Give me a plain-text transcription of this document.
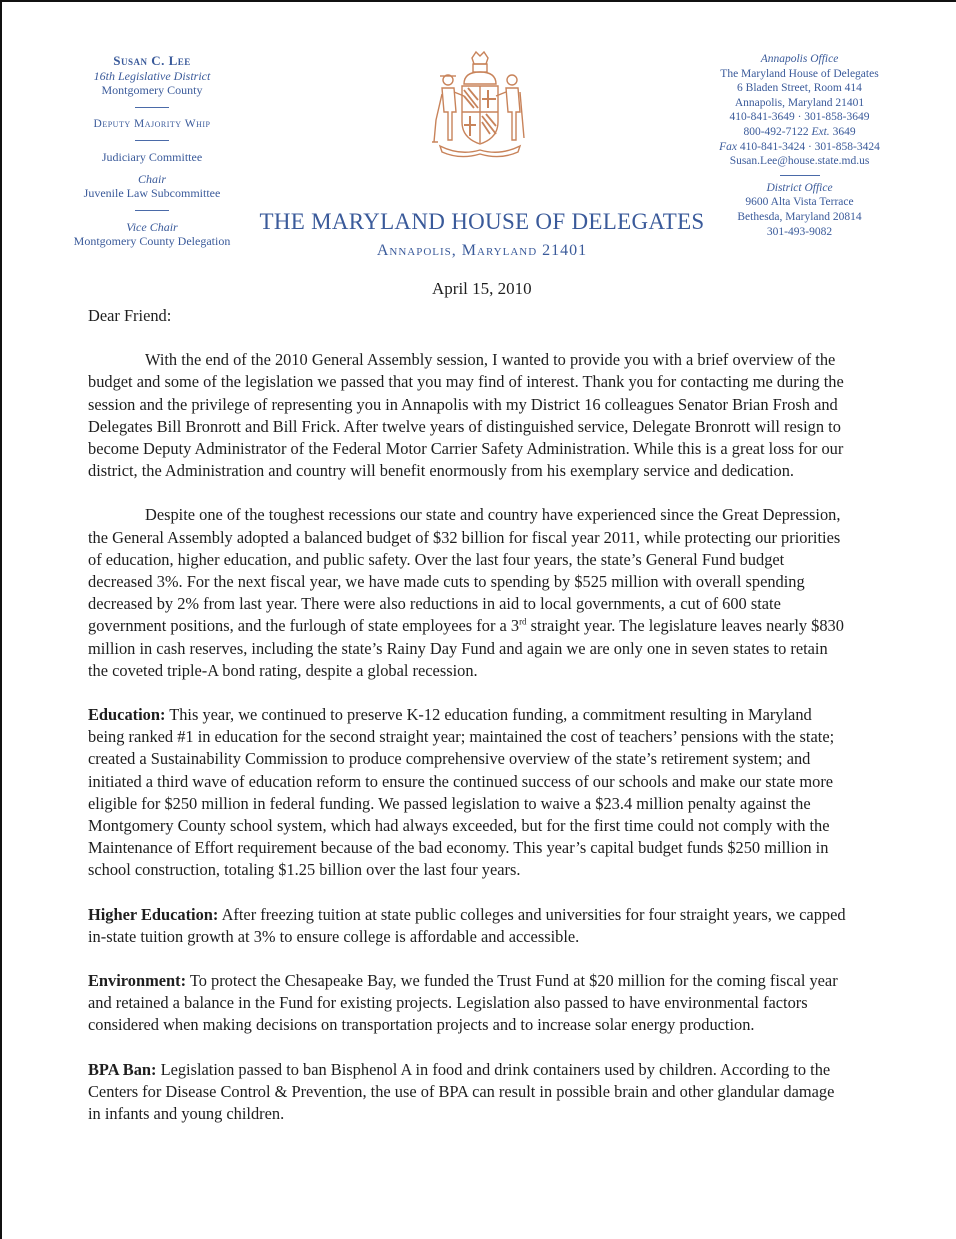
Susan C. Lee
16th Legislative District
Montgomery County
Deputy Majority Whip
Judiciary Committee
Chair
Juvenile Law Subcommittee
Vice Chair
Montgomery County Delegation
Annapolis Office
The Maryland House of Delegates
6 Bladen Street, Room 414
Annapolis, Maryland 21401
410-841-3649 · 301-858-3649
800-492-7122 Ext. 3649
Fax 410-841-3424 · 301-858-3424
Susan.Lee@house.state.md.us
District Office
9600 Alta Vista Terrace
Bethesda, Maryland 20814
301-493-9082
THE MARYLAND HOUSE OF DELEGATES
Annapolis, Maryland 21401
April 15, 2010

Dear Friend:

With the end of the 2010 General Assembly session, I wanted to provide you with a brief overview of the budget and some of the legislation we passed that you may find of interest. Thank you for contacting me during the session and the privilege of representing you in Annapolis with my District 16 colleagues Senator Brian Frosh and Delegates Bill Bronrott and Bill Frick. After twelve years of distinguished service, Delegate Bronrott will resign to become Deputy Administrator of the Federal Motor Carrier Safety Administration. While this is a great loss for our district, the Administration and country will benefit enormously from his exemplary service and dedication.

Despite one of the toughest recessions our state and country have experienced since the Great Depression, the General Assembly adopted a balanced budget of $32 billion for fiscal year 2011, while protecting our priorities of education, higher education, and public safety. Over the last four years, the state’s General Fund budget decreased 3%. For the next fiscal year, we have made cuts to spending by $525 million with overall spending decreased by 2% from last year. There were also reductions in aid to local governments, a cut of 600 state government positions, and the furlough of state employees for a 3rd straight year. The legislature leaves nearly $830 million in cash reserves, including the state’s Rainy Day Fund and again we are only one in seven states to retain the coveted triple-A bond rating, despite a global recession.

Education: This year, we continued to preserve K-12 education funding, a commitment resulting in Maryland being ranked #1 in education for the second straight year; maintained the cost of teachers’ pensions with the state; created a Sustainability Commission to produce comprehensive overview of the state’s retirement system; and initiated a third wave of education reform to ensure the continued success of our schools and make our state more eligible for $250 million in federal funding. We passed legislation to waive a $23.4 million penalty against the Montgomery County school system, which had always exceeded, but for the first time could not comply with the Maintenance of Effort requirement because of the bad economy. This year’s capital budget funds $250 million in school construction, totaling $1.25 billion over the last four years.

Higher Education: After freezing tuition at state public colleges and universities for four straight years, we capped in-state tuition growth at 3% to ensure college is affordable and accessible.

Environment: To protect the Chesapeake Bay, we funded the Trust Fund at $20 million for the coming fiscal year and retained a balance in the Fund for existing projects. Legislation also passed to have environmental factors considered when making decisions on transportation projects and to increase solar energy production.

BPA Ban: Legislation passed to ban Bisphenol A in food and drink containers used by children. According to the Centers for Disease Control & Prevention, the use of BPA can result in possible brain and other glandular damage in infants and young children.
